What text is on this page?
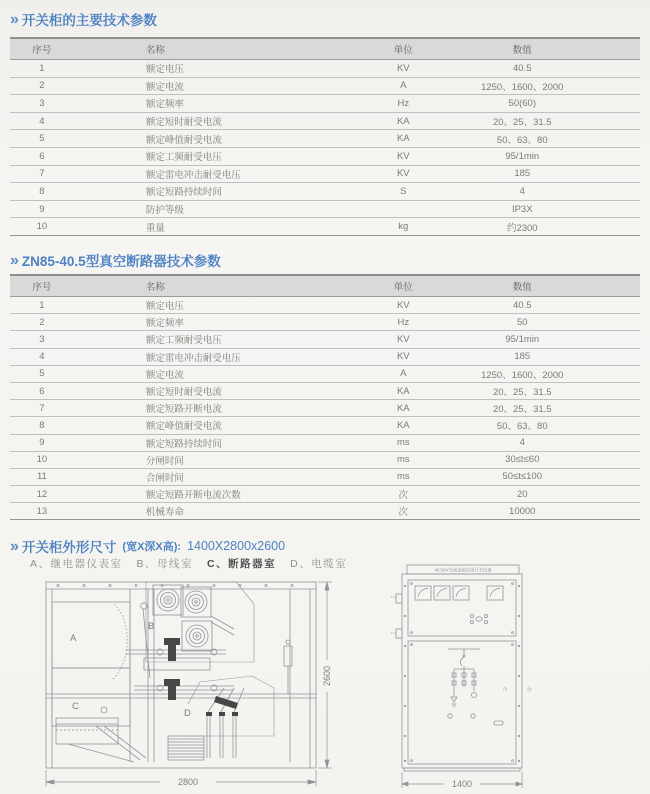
» 开关柜的主要技术参数
序号	名称	单位	数值
1	额定电压	KV	40.5
2	额定电流	A	1250、1600、2000
3	额定频率	Hz	50(60)
4	额定短时耐受电流	KA	20、25、31.5
5	额定峰值耐受电流	KA	50、63、80
6	额定工频耐受电压	KV	95/1min
7	额定雷电冲击耐受电压	KV	185
8	额定短路持续时间	S	4
9	防护等级		IP3X
10	重量	kg	约2300
» ZN85-40.5型真空断路器技术参数
序号	名称	单位	数值
1	额定电压	KV	40.5
2	额定频率	Hz	50
3	额定工频耐受电压	KV	95/1min
4	额定雷电冲击耐受电压	KV	185
5	额定电流	A	1250、1600、2000
6	额定短时耐受电流	KA	20、25、31.5
7	额定短路开断电流	KA	20、25、31.5
8	额定峰值耐受电流	KA	50、63、80
9	额定短路持续时间	ms	4
10	分闸时间	ms	30≤t≤60
11	合闸时间	ms	50≤t≤100
12	额定短路开断电流次数	次	20
13	机械寿命	次	10000
» 开关柜外形尺寸 (宽X深X高): 1400X2800x2600
A、继电器仪表室 B、母线室 C、断路器室 D、电缆室
A
B
C
D
2800
2600
40.5KV交流金属封闭开关设备
合	分
1400
